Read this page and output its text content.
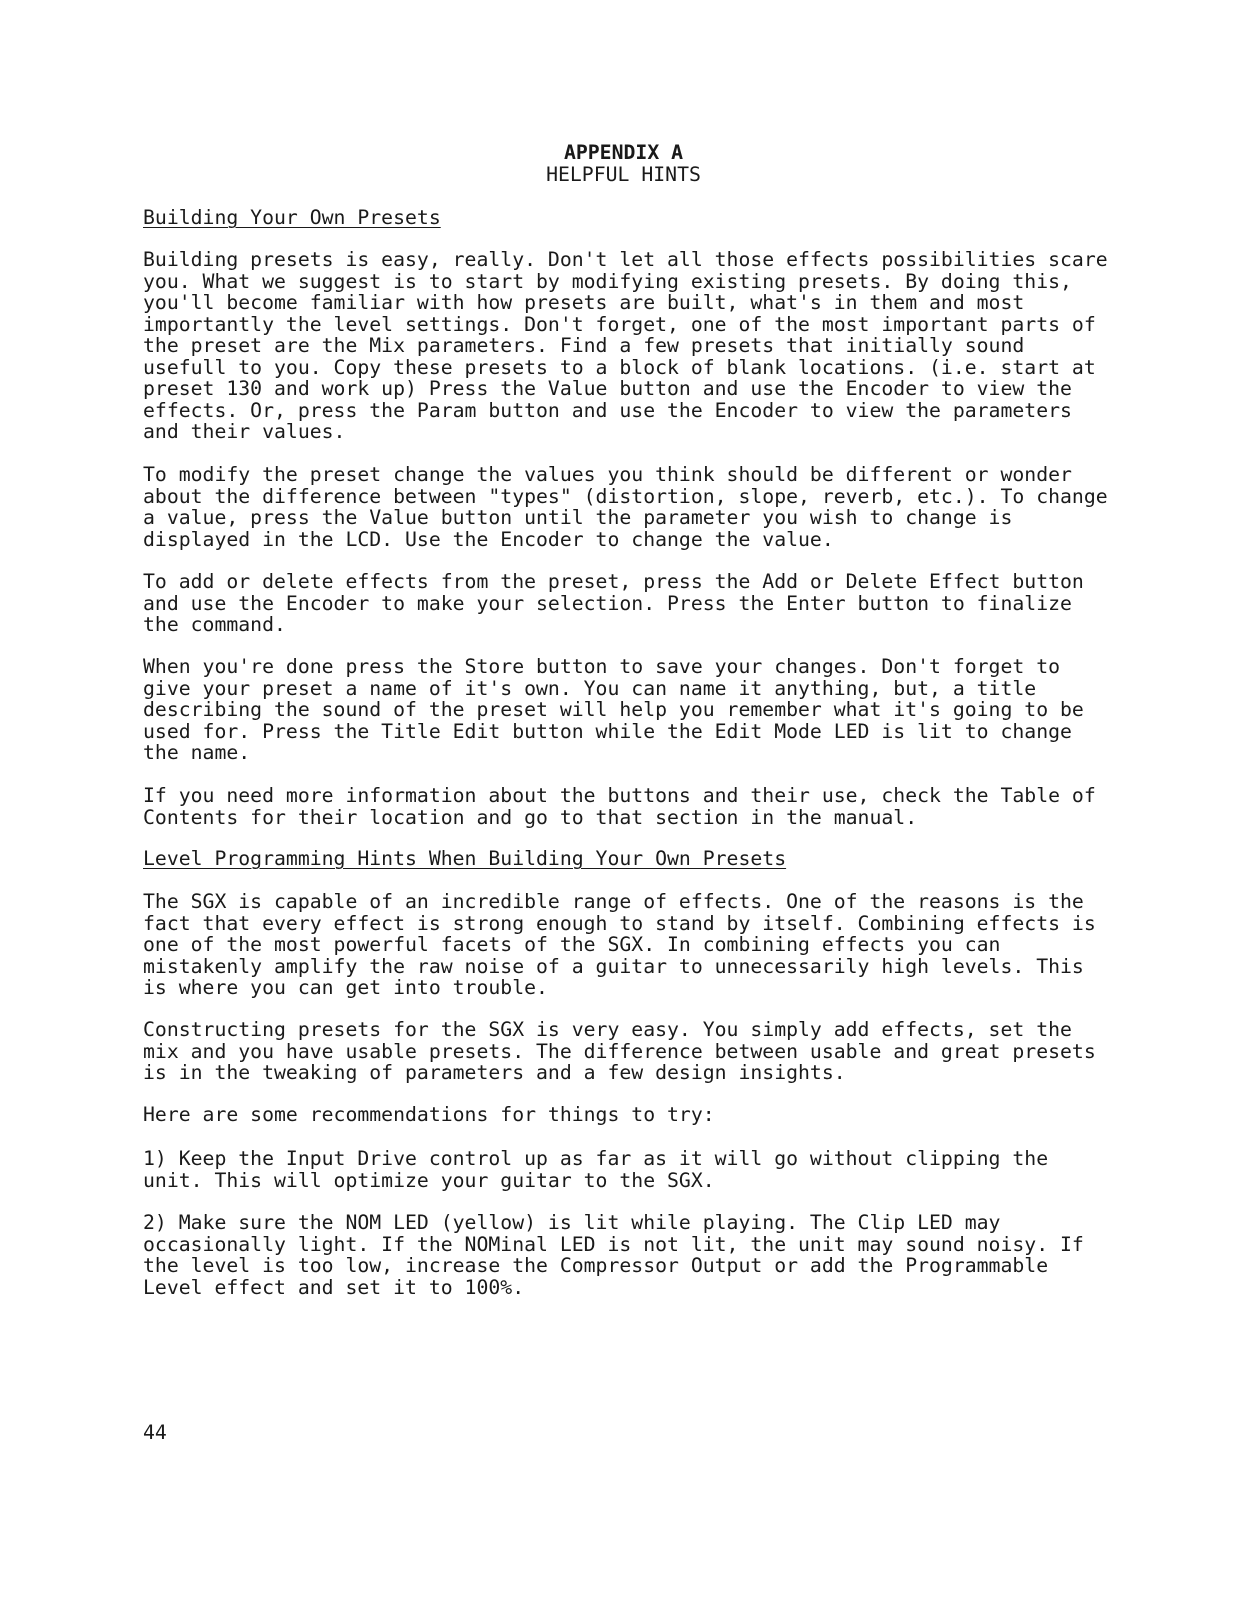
APPENDIX A
HELPFUL HINTS
Building Your Own Presets
Building presets is easy, really. Don't let all those effects possibilities scare
you. What we suggest is to start by modifying existing presets. By doing this,
you'll become familiar with how presets are built, what's in them and most
importantly the level settings. Don't forget, one of the most important parts of
the preset are the Mix parameters. Find a few presets that initially sound
usefull to you. Copy these presets to a block of blank locations. (i.e. start at
preset 130 and work up) Press the Value button and use the Encoder to view the
effects. Or, press the Param button and use the Encoder to view the parameters
and their values.
To modify the preset change the values you think should be different or wonder
about the difference between "types" (distortion, slope, reverb, etc.). To change
a value, press the Value button until the parameter you wish to change is
displayed in the LCD. Use the Encoder to change the value.
To add or delete effects from the preset, press the Add or Delete Effect button
and use the Encoder to make your selection. Press the Enter button to finalize
the command.
When you're done press the Store button to save your changes. Don't forget to
give your preset a name of it's own. You can name it anything, but, a title
describing the sound of the preset will help you remember what it's going to be
used for. Press the Title Edit button while the Edit Mode LED is lit to change
the name.
If you need more information about the buttons and their use, check the Table of
Contents for their location and go to that section in the manual.
Level Programming Hints When Building Your Own Presets
The SGX is capable of an incredible range of effects. One of the reasons is the
fact that every effect is strong enough to stand by itself. Combining effects is
one of the most powerful facets of the SGX. In combining effects you can
mistakenly amplify the raw noise of a guitar to unnecessarily high levels. This
is where you can get into trouble.
Constructing presets for the SGX is very easy. You simply add effects, set the
mix and you have usable presets. The difference between usable and great presets
is in the tweaking of parameters and a few design insights.
Here are some recommendations for things to try:
1) Keep the Input Drive control up as far as it will go without clipping the
unit. This will optimize your guitar to the SGX.
2) Make sure the NOM LED (yellow) is lit while playing. The Clip LED may
occasionally light. If the NOMinal LED is not lit, the unit may sound noisy. If
the level is too low, increase the Compressor Output or add the Programmable
Level effect and set it to 100%.
44
